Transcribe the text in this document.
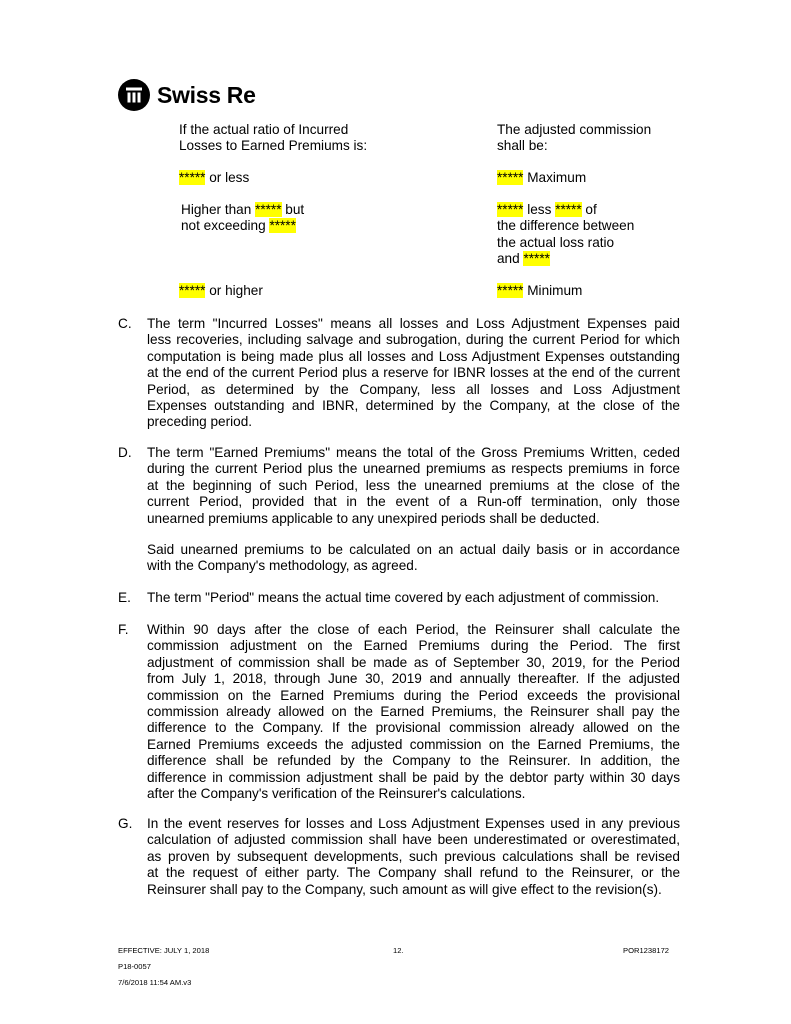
Swiss Re
If the actual ratio of Incurred
Losses to Earned Premiums is:
***** or less
Higher than ***** but
not exceeding *****
***** or higher
The adjusted commission
shall be:
***** Maximum
***** less ***** of
the difference between
the actual loss ratio
and *****
***** Minimum
C. The term "Incurred Losses" means all losses and Loss Adjustment Expenses paid
less recoveries, including salvage and subrogation, during the current Period for which
computation is being made plus all losses and Loss Adjustment Expenses outstanding
at the end of the current Period plus a reserve for IBNR losses at the end of the current
Period, as determined by the Company, less all losses and Loss Adjustment
Expenses outstanding and IBNR, determined by the Company, at the close of the
preceding period.
D. The term "Earned Premiums" means the total of the Gross Premiums Written, ceded
during the current Period plus the unearned premiums as respects premiums in force
at the beginning of such Period, less the unearned premiums at the close of the
current Period, provided that in the event of a Run-off termination, only those
unearned premiums applicable to any unexpired periods shall be deducted.
Said unearned premiums to be calculated on an actual daily basis or in accordance
with the Company's methodology, as agreed.
E. The term "Period" means the actual time covered by each adjustment of commission.
F. Within 90 days after the close of each Period, the Reinsurer shall calculate the
commission adjustment on the Earned Premiums during the Period. The first
adjustment of commission shall be made as of September 30, 2019, for the Period
from July 1, 2018, through June 30, 2019 and annually thereafter. If the adjusted
commission on the Earned Premiums during the Period exceeds the provisional
commission already allowed on the Earned Premiums, the Reinsurer shall pay the
difference to the Company. If the provisional commission already allowed on the
Earned Premiums exceeds the adjusted commission on the Earned Premiums, the
difference shall be refunded by the Company to the Reinsurer. In addition, the
difference in commission adjustment shall be paid by the debtor party within 30 days
after the Company's verification of the Reinsurer's calculations.
G. In the event reserves for losses and Loss Adjustment Expenses used in any previous
calculation of adjusted commission shall have been underestimated or overestimated,
as proven by subsequent developments, such previous calculations shall be revised
at the request of either party. The Company shall refund to the Reinsurer, or the
Reinsurer shall pay to the Company, such amount as will give effect to the revision(s).
EFFECTIVE: JULY 1, 2018
P18-0057
7/6/2018 11:54 AM.v3
12.	POR1238172
